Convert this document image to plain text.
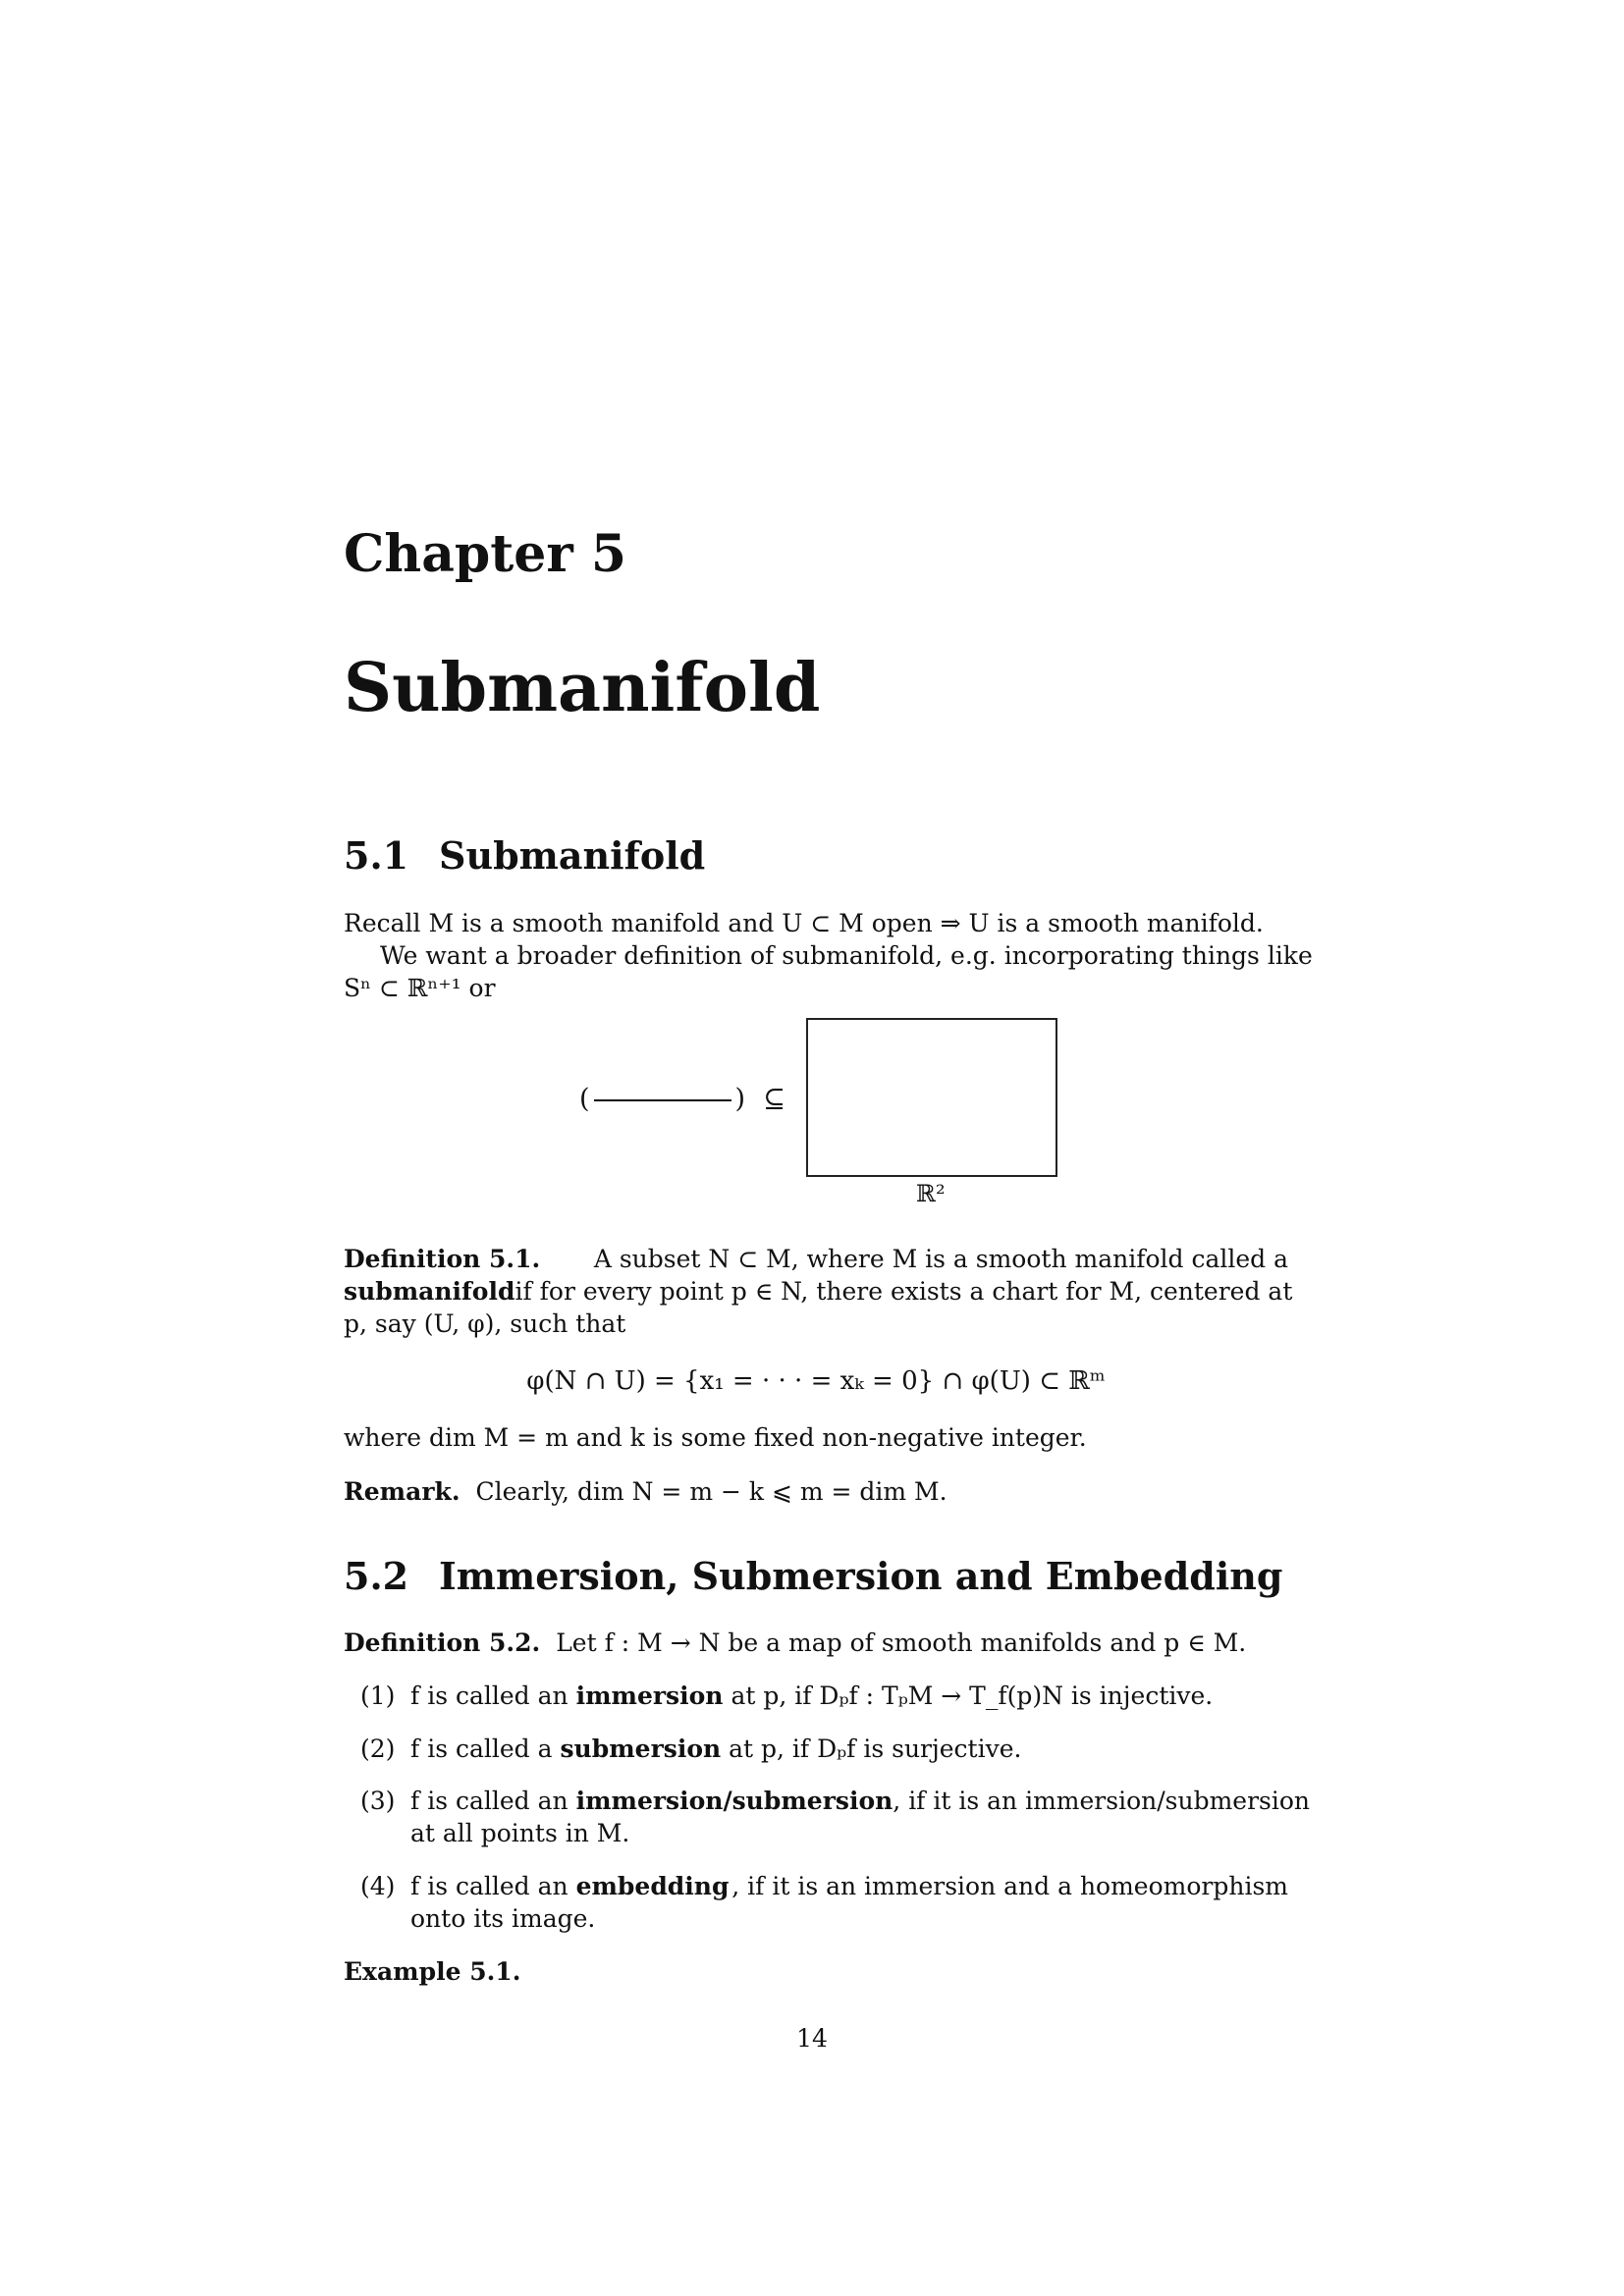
Chapter 5
Submanifold
5.1 Submanifold
Recall M is a smooth manifold and U ⊂ M open ⇒ U is a smooth manifold.
We want a broader definition of submanifold, e.g. incorporating things like
Sⁿ ⊂ ℝⁿ⁺¹ or
(	) ⊆
ℝ²
Definition 5.1. A subset N ⊂ M, where M is a smooth manifold called a
submanifold if for every point p ∈ N, there exists a chart for M, centered at
p, say (U, φ), such that
φ(N ∩ U) = {x₁ = · · · = xₖ = 0} ∩ φ(U) ⊂ ℝᵐ
where dim M = m and k is some fixed non-negative integer.
Remark. Clearly, dim N = m − k ⩽ m = dim M.
5.2 Immersion, Submersion and Embedding
Definition 5.2. Let f : M → N be a map of smooth manifolds and p ∈ M.
(1) f is called an immersion at p, if Dₚf : TₚM → T_f(p)N is injective.
(2) f is called a submersion at p, if Dₚf is surjective.
(3) f is called an immersion/submersion , if it is an immersion/submersion
at all points in M.
(4) f is called an embedding , if it is an immersion and a homeomorphism
onto its image.
Example 5.1.
14
